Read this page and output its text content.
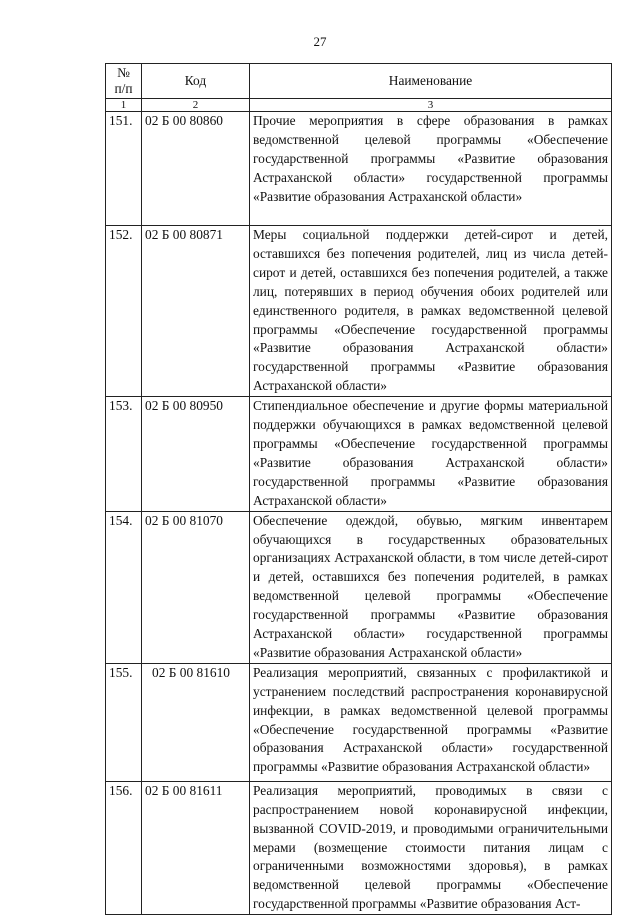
27
№
п/п	Код	Наименование
1	2	3
151.	02 Б 00 80860	Прочие мероприятия в сфере образования в рамках ведомственной целевой программы «Обеспечение государственной программы «Развитие образования Астраханской области» государственной программы «Развитие образования Астраханской области»
152.	02 Б 00 80871	Меры социальной поддержки детей-сирот и детей, оставшихся без попечения родителей, лиц из числа детей-сирот и детей, оставшихся без попечения родителей, а также лиц, потерявших в период обучения обоих родителей или единственного родителя, в рамках ведомственной целевой программы «Обеспечение государственной программы «Развитие образования Астраханской области» государственной программы «Развитие образования Астраханской области»
153.	02 Б 00 80950	Стипендиальное обеспечение и другие формы материальной поддержки обучающихся в рамках ведомственной целевой программы «Обеспечение государственной программы «Развитие образования Астраханской области» государственной программы «Развитие образования Астраханской области»
154.	02 Б 00 81070	Обеспечение одеждой, обувью, мягким инвентарем обучающихся в государственных образовательных организациях Астраханской области, в том числе детей-сирот и детей, оставшихся без попечения родителей, в рамках ведомственной целевой программы «Обеспечение государственной программы «Развитие образования Астраханской области» государственной программы «Развитие образования Астраханской области»
155.	02 Б 00 81610	Реализация мероприятий, связанных с профилактикой и устранением последствий распространения коронавирусной инфекции, в рамках ведомственной целевой программы «Обеспечение государственной программы «Развитие образования Астраханской области» государственной программы «Развитие образования Астраханской области»
156.	02 Б 00 81611	Реализация мероприятий, проводимых в связи с распространением новой коронавирусной инфекции, вызванной COVID-2019, и проводимыми ограничительными мерами (возмещение стоимости питания лицам с ограниченными возможностями здоровья), в рамках ведомственной целевой программы «Обеспечение государственной программы «Развитие образования Аст-
